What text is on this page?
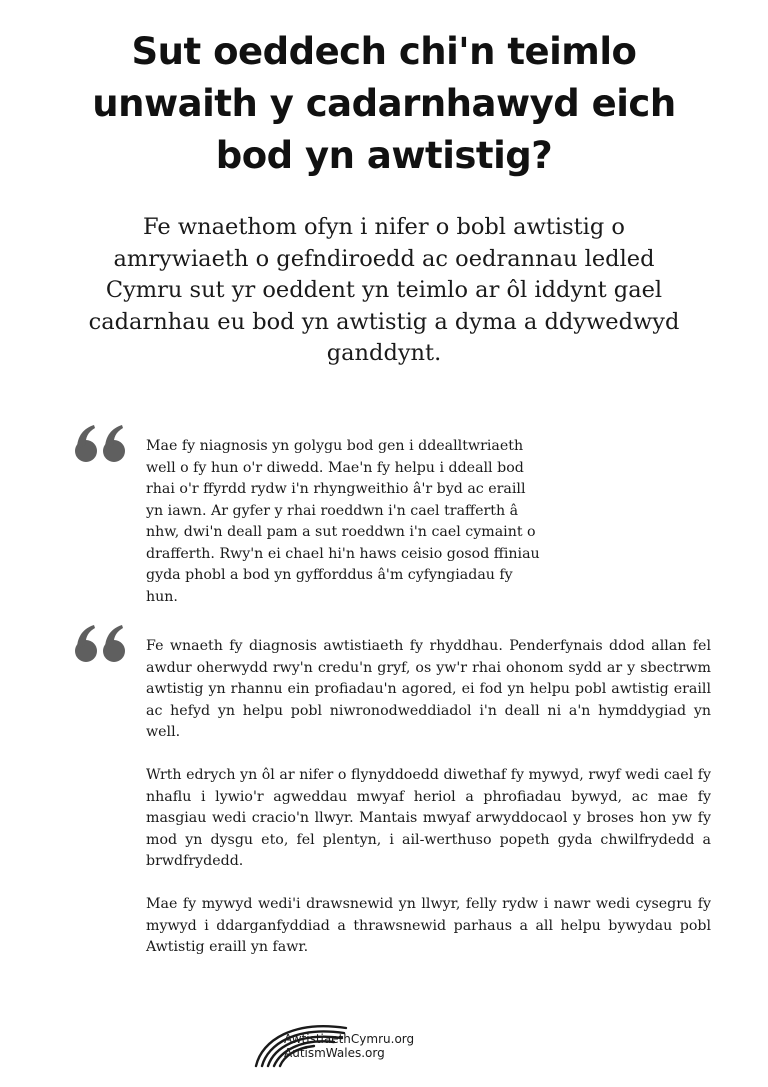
Sut oeddech chi'n teimlo
unwaith y cadarnhawyd eich
bod yn awtistig?
Fe wnaethom ofyn i nifer o bobl awtistig o
amrywiaeth o gefndiroedd ac oedrannau ledled
Cymru sut yr oeddent yn teimlo ar ôl iddynt gael
cadarnhau eu bod yn awtistig a dyma a ddywedwyd
ganddynt.
Mae fy niagnosis yn golygu bod gen i ddealltwriaeth
well o fy hun o'r diwedd. Mae'n fy helpu i ddeall bod
rhai o'r ffyrdd rydw i'n rhyngweithio â'r byd ac eraill
yn iawn. Ar gyfer y rhai roeddwn i'n cael trafferth â
nhw, dwi'n deall pam a sut roeddwn i'n cael cymaint o
drafferth. Rwy'n ei chael hi'n haws ceisio gosod ffiniau
gyda phobl a bod yn gyfforddus â'm cyfyngiadau fy
hun.

Fe wnaeth fy diagnosis awtistiaeth fy rhyddhau. Penderfynais ddod allan fel awdur oherwydd rwy'n credu'n gryf, os yw'r rhai ohonom sydd ar y sbectrwm awtistig yn rhannu ein profiadau'n agored, ei fod yn helpu pobl awtistig eraill ac hefyd yn helpu pobl niwronodweddiadol i'n deall ni a'n hymddygiad yn well.

Wrth edrych yn ôl ar nifer o flynyddoedd diwethaf fy mywyd, rwyf wedi cael fy nhaflu i lywio'r agweddau mwyaf heriol a phrofiadau bywyd, ac mae fy masgiau wedi cracio'n llwyr. Mantais mwyaf arwyddocaol y broses hon yw fy mod yn dysgu eto, fel plentyn, i ail-werthuso popeth gyda chwilfrydedd a brwdfrydedd.

Mae fy mywyd wedi'i drawsnewid yn llwyr, felly rydw i nawr wedi cysegru fy mywyd i ddarganfyddiad a thrawsnewid parhaus a all helpu bywydau pobl Awtistig eraill yn fawr.

AwtistiaethCymru.org
AutismWales.org
